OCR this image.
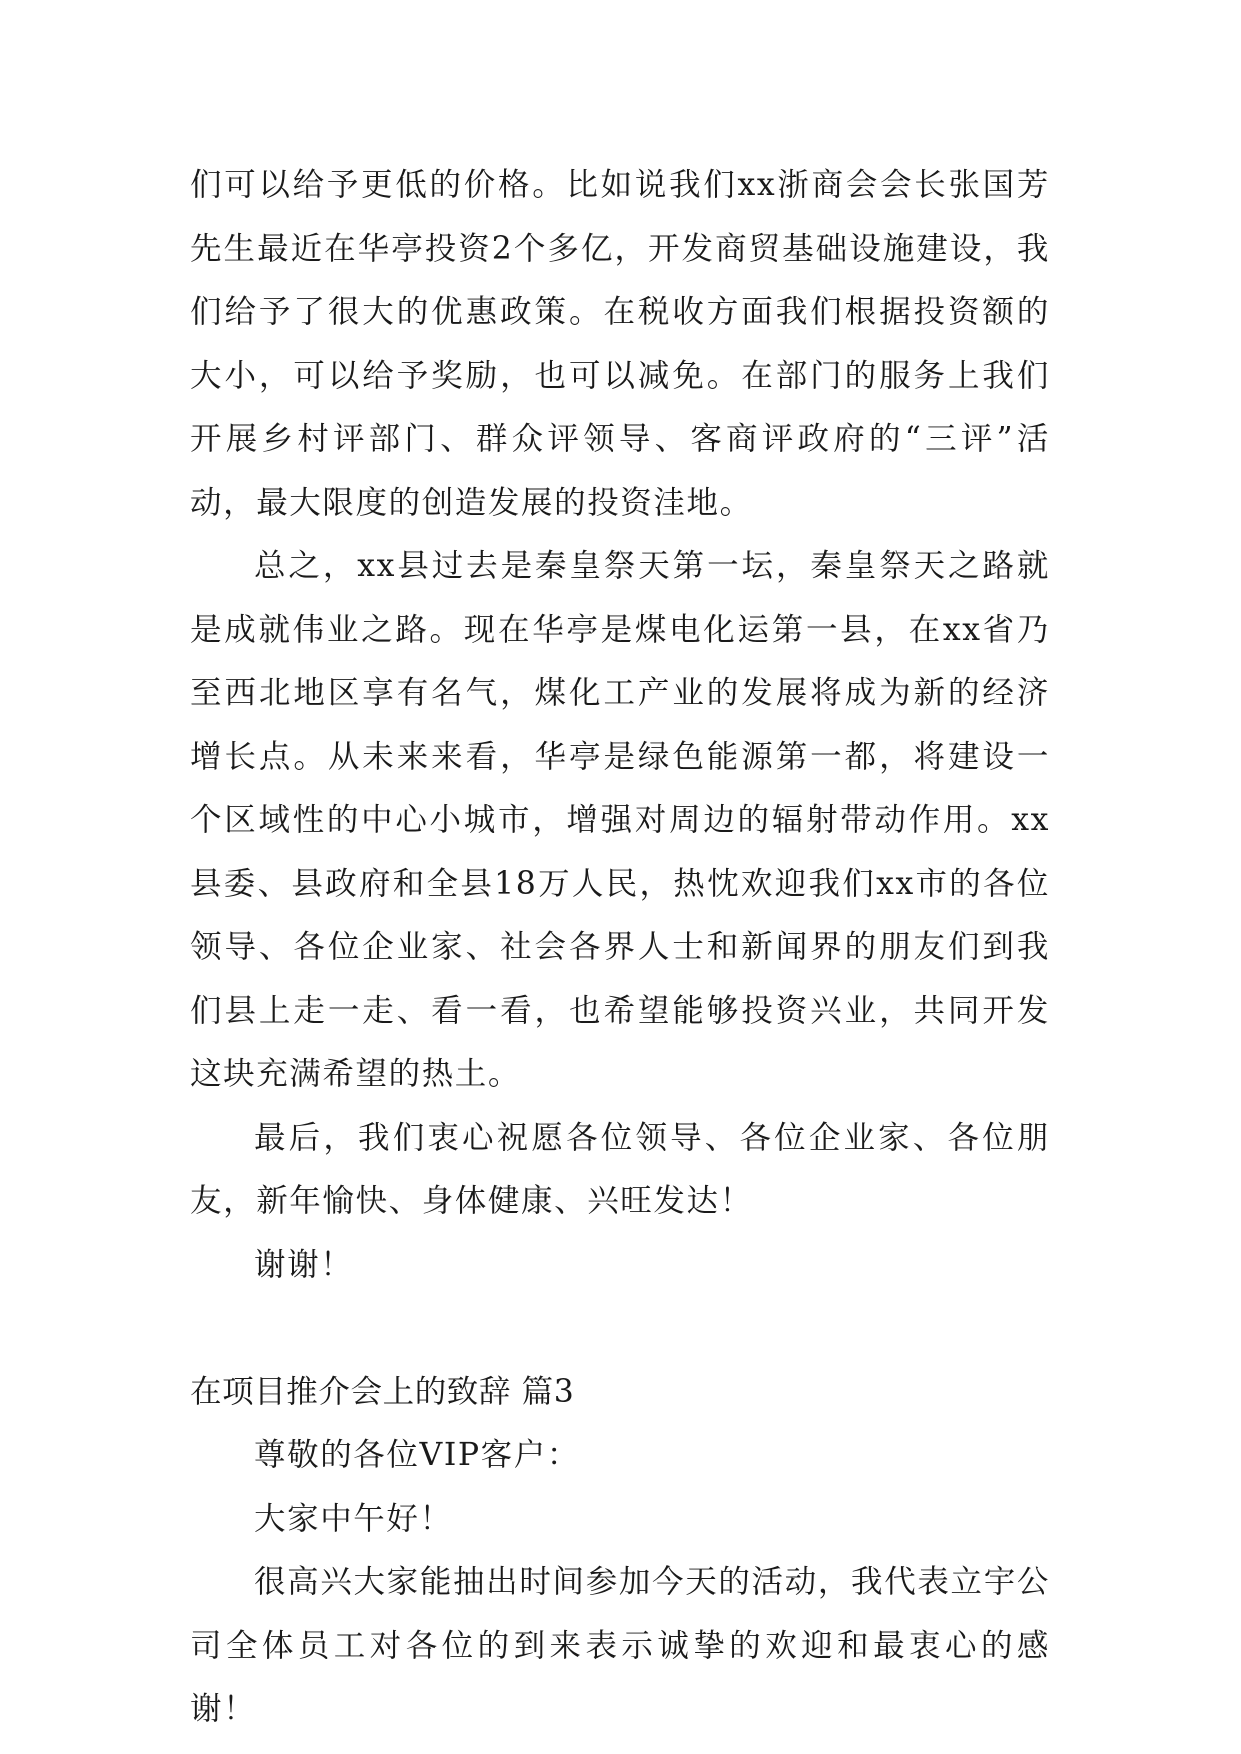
们可以给予更低的价格。比如说我们xx浙商会会长张国芳先生最近在华亭投资2个多亿，开发商贸基础设施建设，我们给予了很大的优惠政策。在税收方面我们根据投资额的大小，可以给予奖励，也可以减免。在部门的服务上我们开展乡村评部门、群众评领导、客商评政府的“三评”活动，最大限度的创造发展的投资洼地。

总之，xx县过去是秦皇祭天第一坛，秦皇祭天之路就是成就伟业之路。现在华亭是煤电化运第一县，在xx省乃至西北地区享有名气，煤化工产业的发展将成为新的经济增长点。从未来来看，华亭是绿色能源第一都，将建设一个区域性的中心小城市，增强对周边的辐射带动作用。xx县委、县政府和全县18万人民，热忱欢迎我们xx市的各位领导、各位企业家、社会各界人士和新闻界的朋友们到我们县上走一走、看一看，也希望能够投资兴业，共同开发这块充满希望的热土。

最后，我们衷心祝愿各位领导、各位企业家、各位朋友，新年愉快、身体健康、兴旺发达！

谢谢！

在项目推介会上的致辞 篇3

尊敬的各位VIP客户：

大家中午好！

很高兴大家能抽出时间参加今天的活动，我代表立宇公司全体员工对各位的到来表示诚挚的欢迎和最衷心的感谢！
